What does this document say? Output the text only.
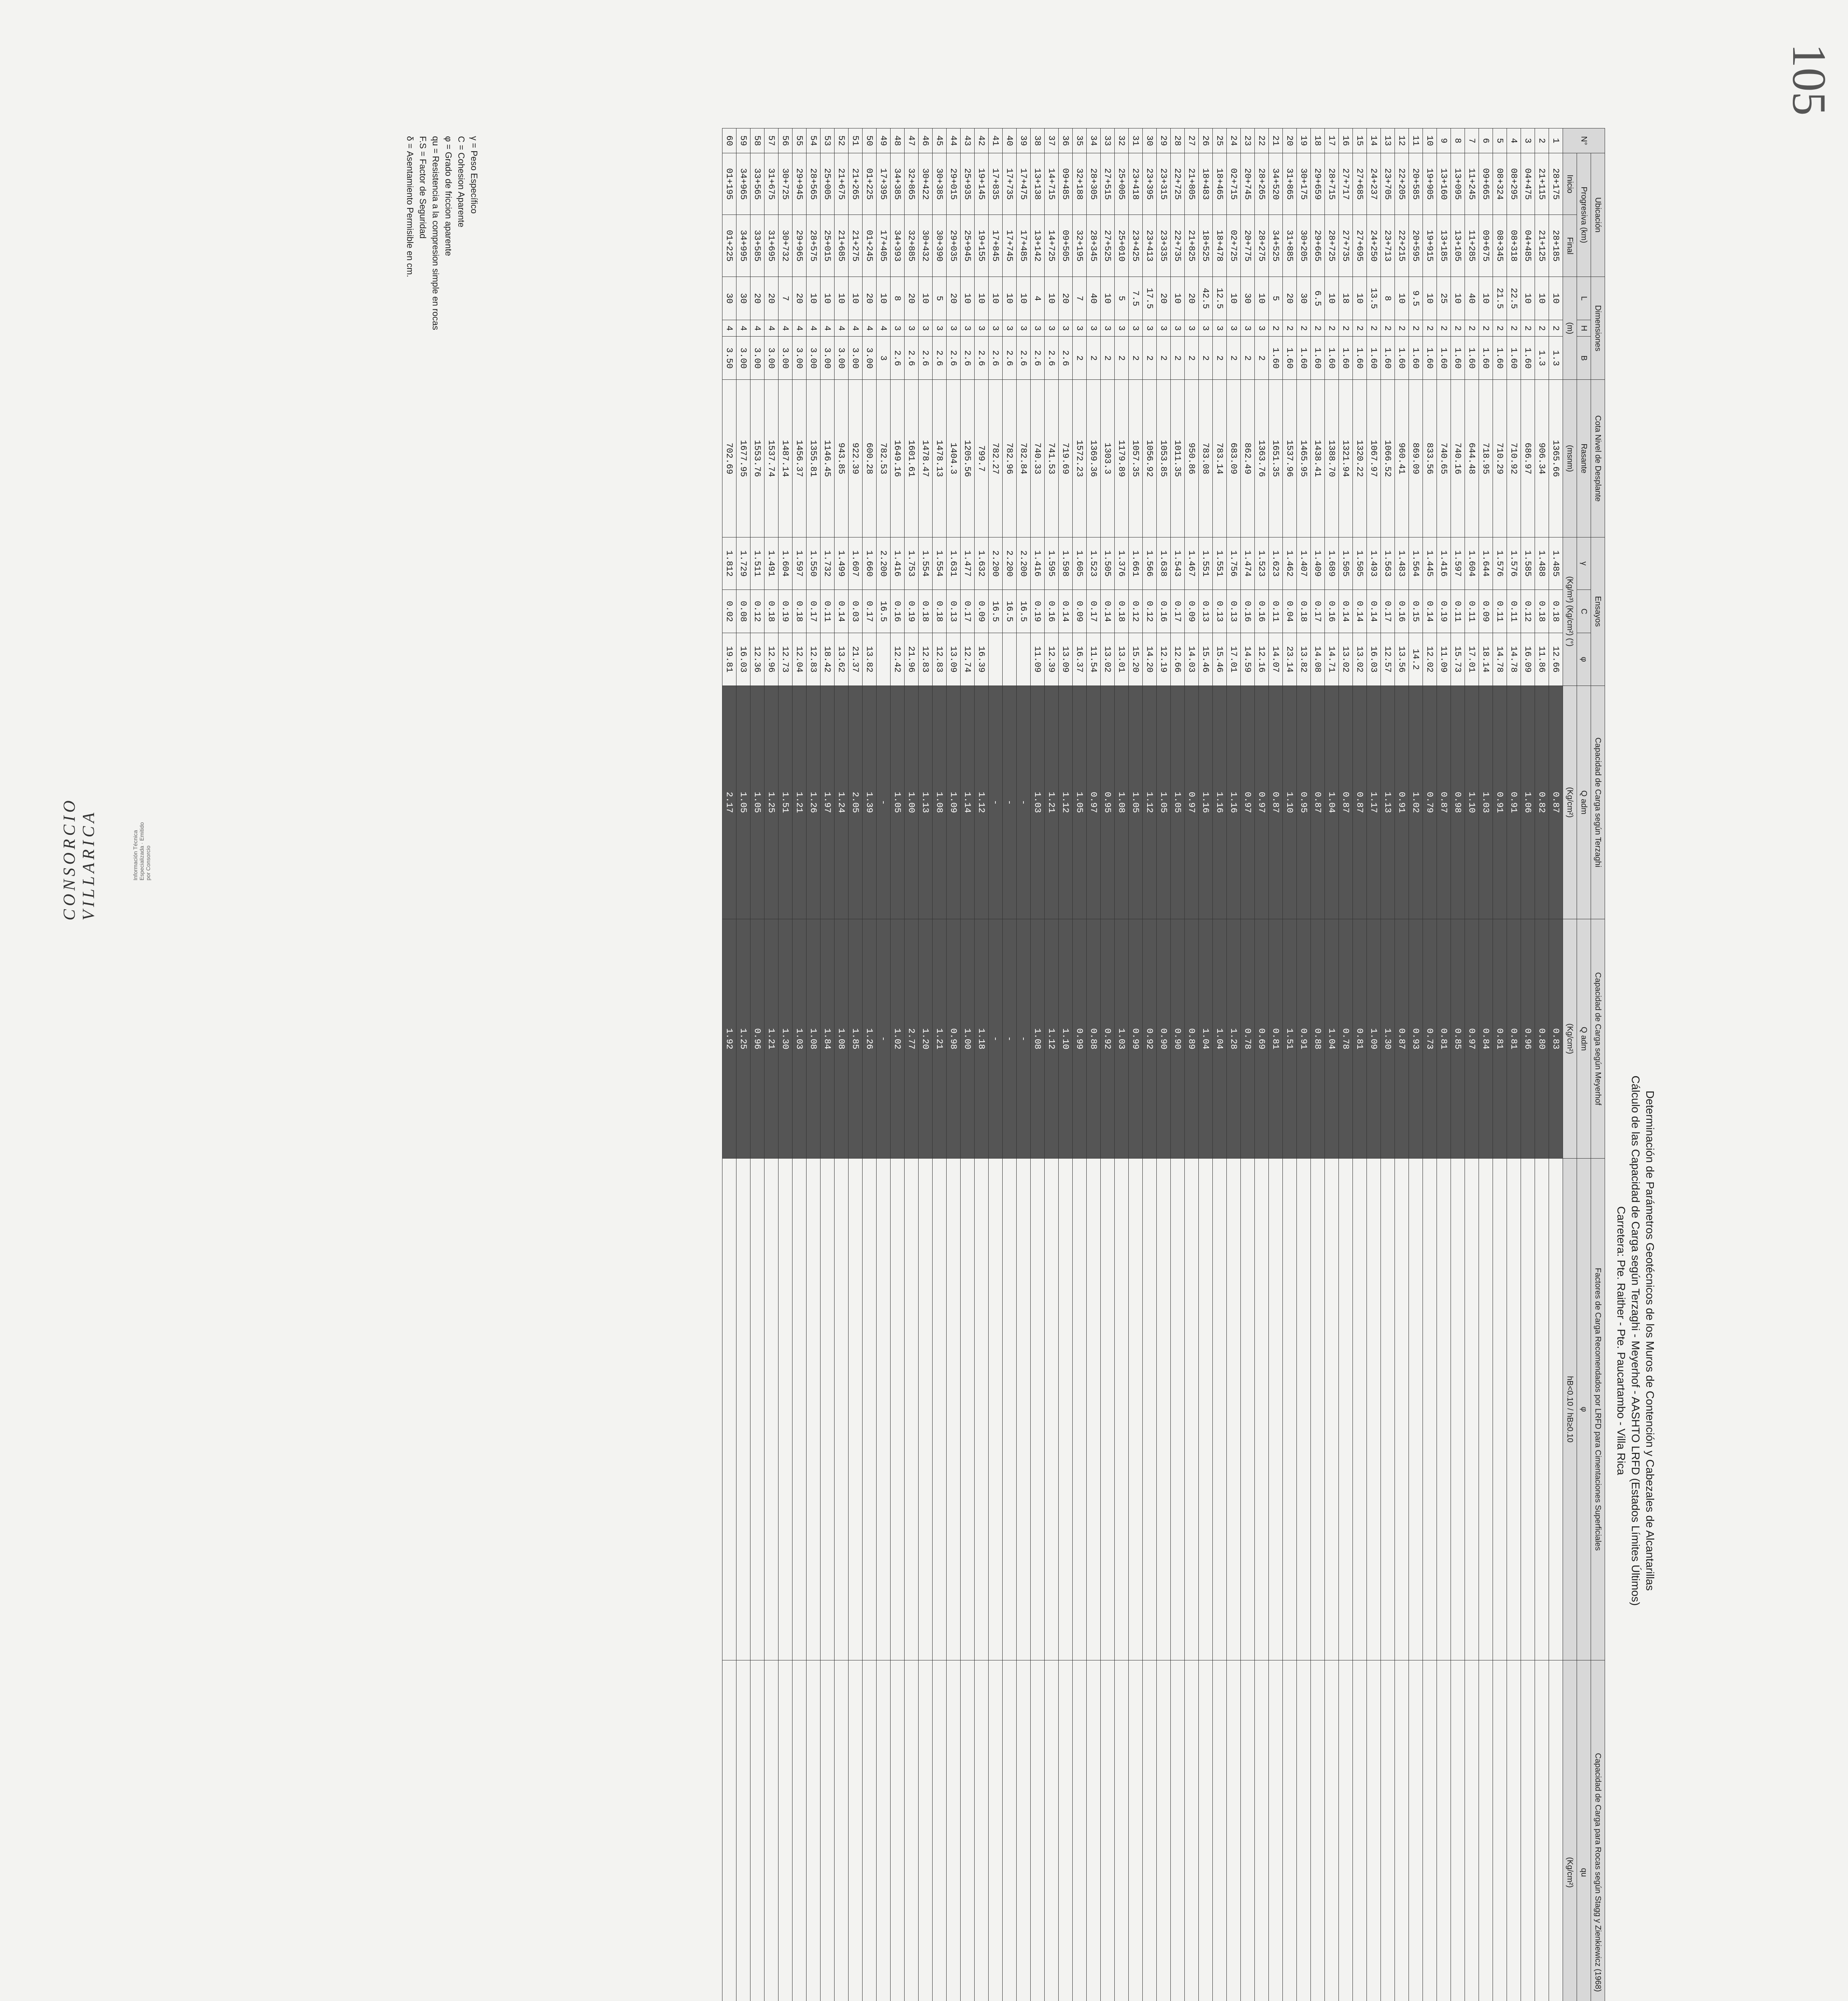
CONSORCIO VILLARICA	Información Técnica Especializada · Emitido por Consorcio
105
Determinación de Parámetros Geotécnicos de los Muros de Contención y Cabezales de Alcantarillas
Cálculo de las Capacidad de Carga según Terzaghi - Meyerhof - AASHTO LRFD (Estados Límites Últimos)
Carretera: Pte. Raither - Pte. Paucartambo - Villa Rica
N°	Ubicación		Dimensiones			Cota Nivel de Desplante	Ensayos			Capacidad de Carga según Terzaghi	Capacidad de Carga según Meyerhof	Factores de Carga Recomendados por LRFD para Cimentaciones Superficiales	Capacidad de Carga para Rocas según Stagg y Zienkiewicz (1968)		
	Progresiva (km)		L	H	B	Rasante	γ	C	φ	Q adm	Q adm	φ	qu			
	Inicio	Final	(m)			(msnm)	(Kg/m³) (Kg/cm²) (°)			(Kg/cm²)	(Kg/cm²)	hB<0.10 / hB≥0.10	(Kg/cm²)			
1	28+175	28+185	10	2	1.3	1365.66	1.485	0.18	12.66	0.87	0.83					
2	21+115	21+125	10	2	1.3	906.34	1.488	0.18	11.86	0.82	0.80					
3	04+475	04+485	10	2	1.60	686.97	1.585	0.12	16.09	1.06	0.96					
4	08+295	08+318	22.5	2	1.60	710.92	1.576	0.11	14.78	0.91	0.81					
5	08+324	08+345	21.5	2	1.60	710.29	1.576	0.11	14.78	0.91	0.81					
6	09+665	09+675	10	2	1.60	718.95	1.644	0.09	18.14	1.03	0.84					
7	11+245	11+285	40	2	1.60	644.48	1.604	0.11	17.01	1.10	0.97					
8	13+095	13+105	10	2	1.60	740.16	1.597	0.11	15.73	0.98	0.85					
9	13+160	13+185	25	2	1.60	740.65	1.416	0.19	11.09	0.87	0.81					
10	19+905	19+915	10	2	1.60	833.56	1.445	0.14	12.02	0.79	0.73					
11	20+585	20+595	9.5	2	1.60	869.09	1.564	0.15	14.2	1.02	0.93					
12	22+205	22+215	10	2	1.60	960.41	1.483	0.16	13.56	0.91	0.87					
13	23+705	23+713	8	2	1.60	1066.52	1.563	0.17	12.57	1.13	1.30					
14	24+237	24+250	13.5	2	1.60	1067.97	1.493	0.14	16.03	1.17	1.09					
15	27+685	27+695	10	2	1.60	1320.22	1.505	0.14	13.02	0.87	0.81					
16	27+717	27+735	18	2	1.60	1321.94	1.505	0.14	13.02	0.87	0.78					
17	28+715	28+725	10	2	1.60	1388.70	1.689	0.16	14.71	1.04	1.04					
18	29+659	29+665	6.5	2	1.60	1438.41	1.409	0.17	14.08	0.87	0.88					
19	30+175	30+205	30	2	1.60	1465.95	1.407	0.18	13.82	0.95	0.91					
20	31+865	31+885	20	2	1.60	1537.96	1.462	0.04	23.14	1.10	1.51					
21	34+520	34+525	5	2	1.60	1651.35	1.623	0.11	14.07	0.87	0.81					
22	28+265	28+275	10	3	2	1363.76	1.523	0.16	12.16	0.97	0.69					
23	20+745	20+775	30	3	2	862.49	1.474	0.16	14.59	0.97	0.78					
24	02+715	02+725	10	3	2	683.09	1.756	0.13	17.01	1.16	1.28					
25	18+465	18+478	12.5	3	2	783.14	1.551	0.13	15.46	1.16	1.04					
26	18+483	18+525	42.5	3	2	783.08	1.551	0.13	15.46	1.16	1.04					
27	21+805	21+825	20	3	2	950.86	1.467	0.09	14.03	0.97	0.89					
28	22+725	22+735	10	3	2	1011.35	1.543	0.17	12.66	1.05	0.90					
29	23+315	23+335	20	3	2	1053.85	1.638	0.16	12.19	1.05	0.90					
30	23+395	23+413	17.5	3	2	1056.92	1.566	0.12	14.20	1.12	0.92					
31	23+418	23+425	7.5	3	2	1057.35	1.661	0.12	15.20	1.05	0.99					
32	25+005	25+010	5	3	2	1179.89	1.376	0.18	13.01	1.08	1.03					
33	27+515	27+525	10	3	2	1303.3	1.505	0.14	13.02	0.95	0.92					
34	28+305	28+345	40	3	2	1369.36	1.523	0.17	11.54	0.97	0.88					
35	32+188	32+195	7	3	2	1572.23	1.605	0.09	16.37	1.05	0.99					
36	09+485	09+505	20	3	2.6	719.69	1.598	0.14	13.09	1.12	1.10					
37	14+715	14+725	10	3	2.6	741.53	1.595	0.16	12.39	1.21	1.12					
38	13+138	13+142	4	3	2.6	740.33	1.416	0.19	11.09	1.03	1.08					
39	17+475	17+485	10	3	2.6	782.84	2.200	16.5		-	-					
40	17+735	17+745	10	3	2.6	782.96	2.200	16.5		-	-					
41	17+835	17+845	10	3	2.6	782.27	2.200	16.5		-	-					
42	19+145	19+155	10	3	2.6	799.7	1.632	0.09	16.39	1.12	1.18					
43	25+935	25+945	10	3	2.6	1205.56	1.477	0.17	12.74	1.14	1.00					
44	29+015	29+035	20	3	2.6	1404.3	1.631	0.13	13.09	1.09	0.98					
45	30+385	30+390	5	3	2.6	1478.13	1.554	0.18	12.83	1.08	1.21					
46	30+422	30+432	10	3	2.6	1478.47	1.554	0.18	12.83	1.13	1.20					
47	32+865	32+885	20	3	2.6	1601.61	1.753	0.19	21.96	1.00	2.77					
48	34+385	34+393	8	3	2.6	1649.16	1.416	0.16	12.42	1.05	1.02					
49	17+395	17+405	10	4	3	782.53	2.200	16.5		-	-					
50	01+225	01+245	20	4	3.00	600.28	1.660	0.17	13.82	1.39	1.26					
51	21+265	21+275	10	4	3.00	922.39	1.607	0.03	21.37	2.05	1.85					
52	21+675	21+685	10	4	3.00	943.85	1.499	0.14	13.62	1.24	1.08					
53	25+005	25+015	10	4	3.00	1146.45	1.732	0.11	18.42	1.97	1.84					
54	28+565	28+575	10	4	3.00	1355.81	1.550	0.17	12.83	1.26	1.08					
55	29+945	29+965	20	4	3.00	1456.37	1.597	0.18	12.04	1.21	1.03					
56	30+725	30+732	7	4	3.00	1487.14	1.604	0.19	12.73	1.51	1.30					
57	31+675	31+695	20	4	3.00	1537.74	1.491	0.18	12.96	1.25	1.21					
58	33+565	33+585	20	4	3.00	1553.76	1.511	0.12	12.36	1.05	0.96					
59	34+965	34+995	30	4	3.00	1677.95	1.729	0.08	16.03	1.05	1.25					
60	01+195	01+225	30	4	3.50	702.69	1.812	0.02	19.81	2.17	1.92					
γ = Peso Específico
C = Cohesion Aparente
φ = Grado de friccion aparente
qu = Resistencia a la compresion simple en rocas
F.S = Factor de Seguridad
δ = Asentamiento Permisible en cm.
